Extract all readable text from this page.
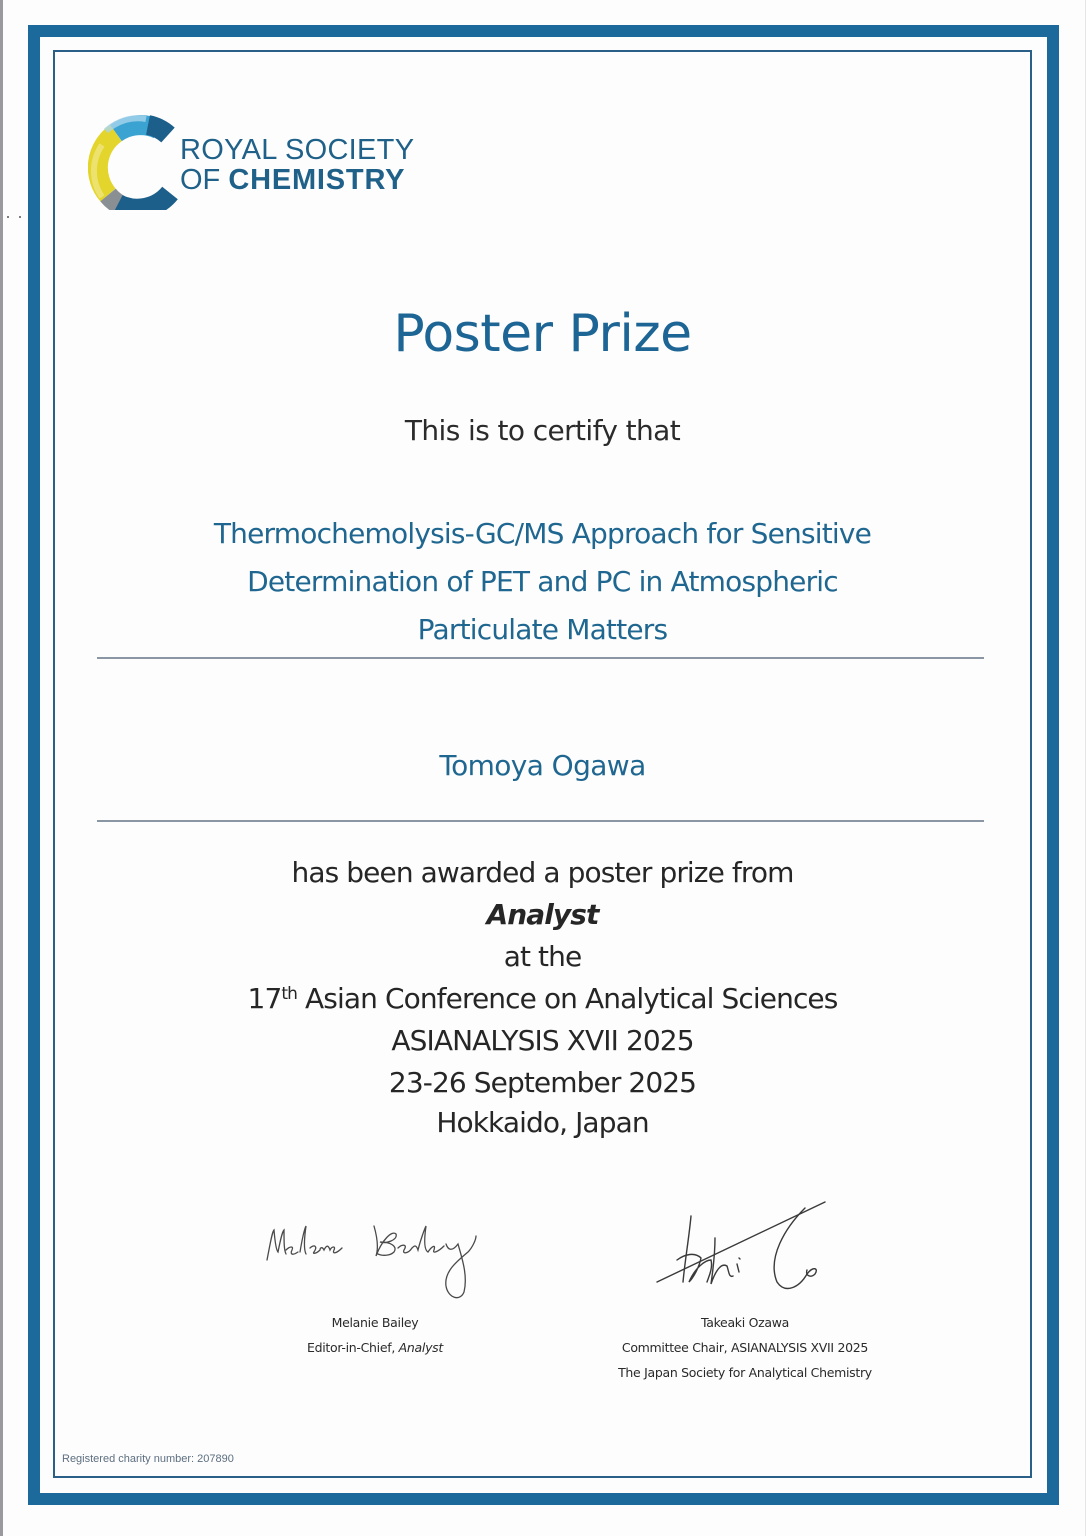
ROYAL SOCIETY
OF CHEMISTRY
Poster Prize
This is to certify that
Thermochemolysis-GC/MS Approach for Sensitive
Determination of PET and PC in Atmospheric
Particulate Matters
Tomoya Ogawa
has been awarded a poster prize from
Analyst
at the
17th Asian Conference on Analytical Sciences
ASIANALYSIS XVII 2025
23-26 September 2025
Hokkaido, Japan
Melanie Bailey
Editor-in-Chief, Analyst
Takeaki Ozawa
Committee Chair, ASIANALYSIS XVII 2025
The Japan Society for Analytical Chemistry
Registered charity number: 207890
